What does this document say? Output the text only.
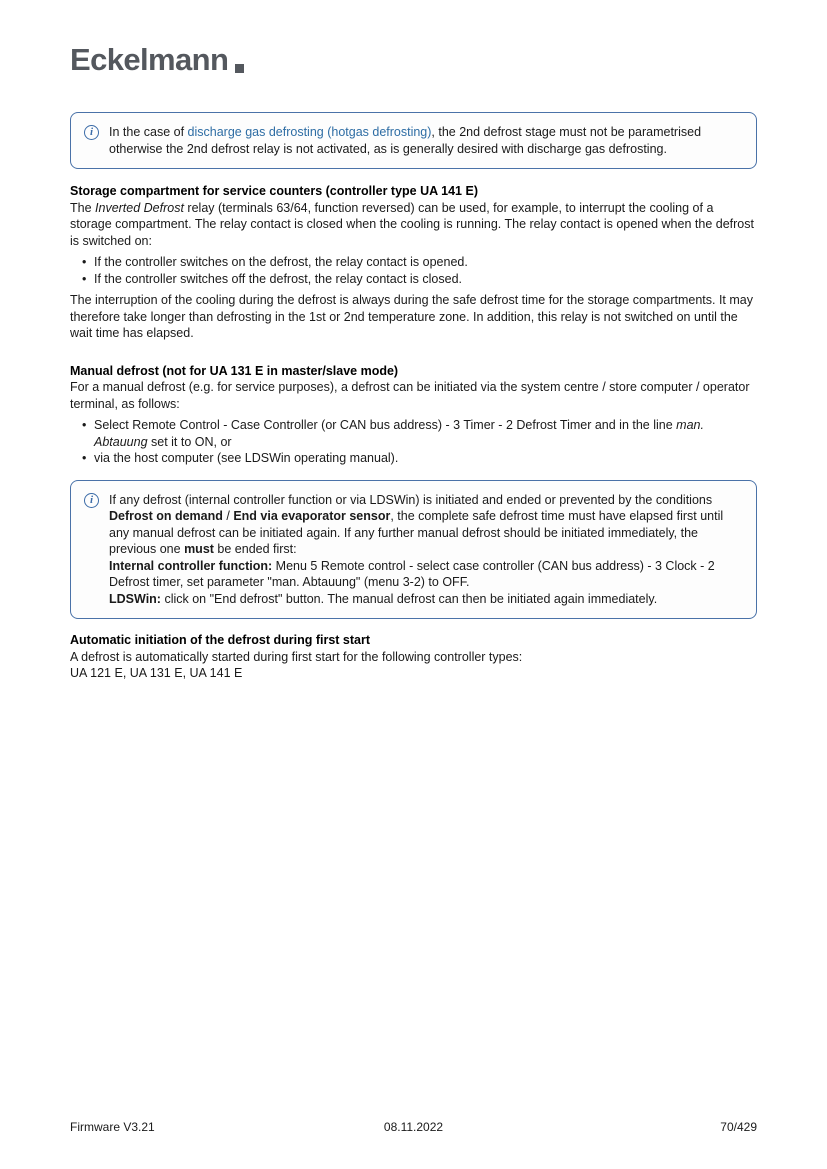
Eckelmann
i
In the case of discharge gas defrosting (hotgas defrosting), the 2nd defrost stage must not be parametrised otherwise the 2nd defrost relay is not activated, as is generally desired with discharge gas defrosting.
Storage compartment for service counters (controller type UA 141 E)

The Inverted Defrost relay (terminals 63/64, function reversed) can be used, for example, to interrupt the cooling of a storage compartment. The relay contact is closed when the cooling is running. The relay contact is opened when the defrost is switched on:

• If the controller switches on the defrost, the relay contact is opened.
• If the controller switches off the defrost, the relay contact is closed.

The interruption of the cooling during the defrost is always during the safe defrost time for the storage compartments. It may therefore take longer than defrosting in the 1st or 2nd temperature zone. In addition, this relay is not switched on until the wait time has elapsed.

Manual defrost (not for UA 131 E in master/slave mode)

For a manual defrost (e.g. for service purposes), a defrost can be initiated via the system centre / store computer / operator terminal, as follows:

• Select Remote Control - Case Controller (or CAN bus address) - 3 Timer - 2 Defrost Timer and in the line man. Abtauung set it to ON, or
• via the host computer (see LDSWin operating manual).
i
If any defrost (internal controller function or via LDSWin) is initiated and ended or prevented by the conditions Defrost on demand / End via evaporator sensor, the complete safe defrost time must have elapsed first until any manual defrost can be initiated again. If any further manual defrost should be initiated immediately, the previous one must be ended first:
Internal controller function: Menu 5 Remote control - select case controller (CAN bus address) - 3 Clock - 2 Defrost timer, set parameter "man. Abtauung" (menu 3-2) to OFF.
LDSWin: click on "End defrost" button. The manual defrost can then be initiated again immediately.
Automatic initiation of the defrost during first start

A defrost is automatically started during first start for the following controller types:

UA 121 E, UA 131 E, UA 141 E

Firmware V3.21	08.11.2022	70/429
